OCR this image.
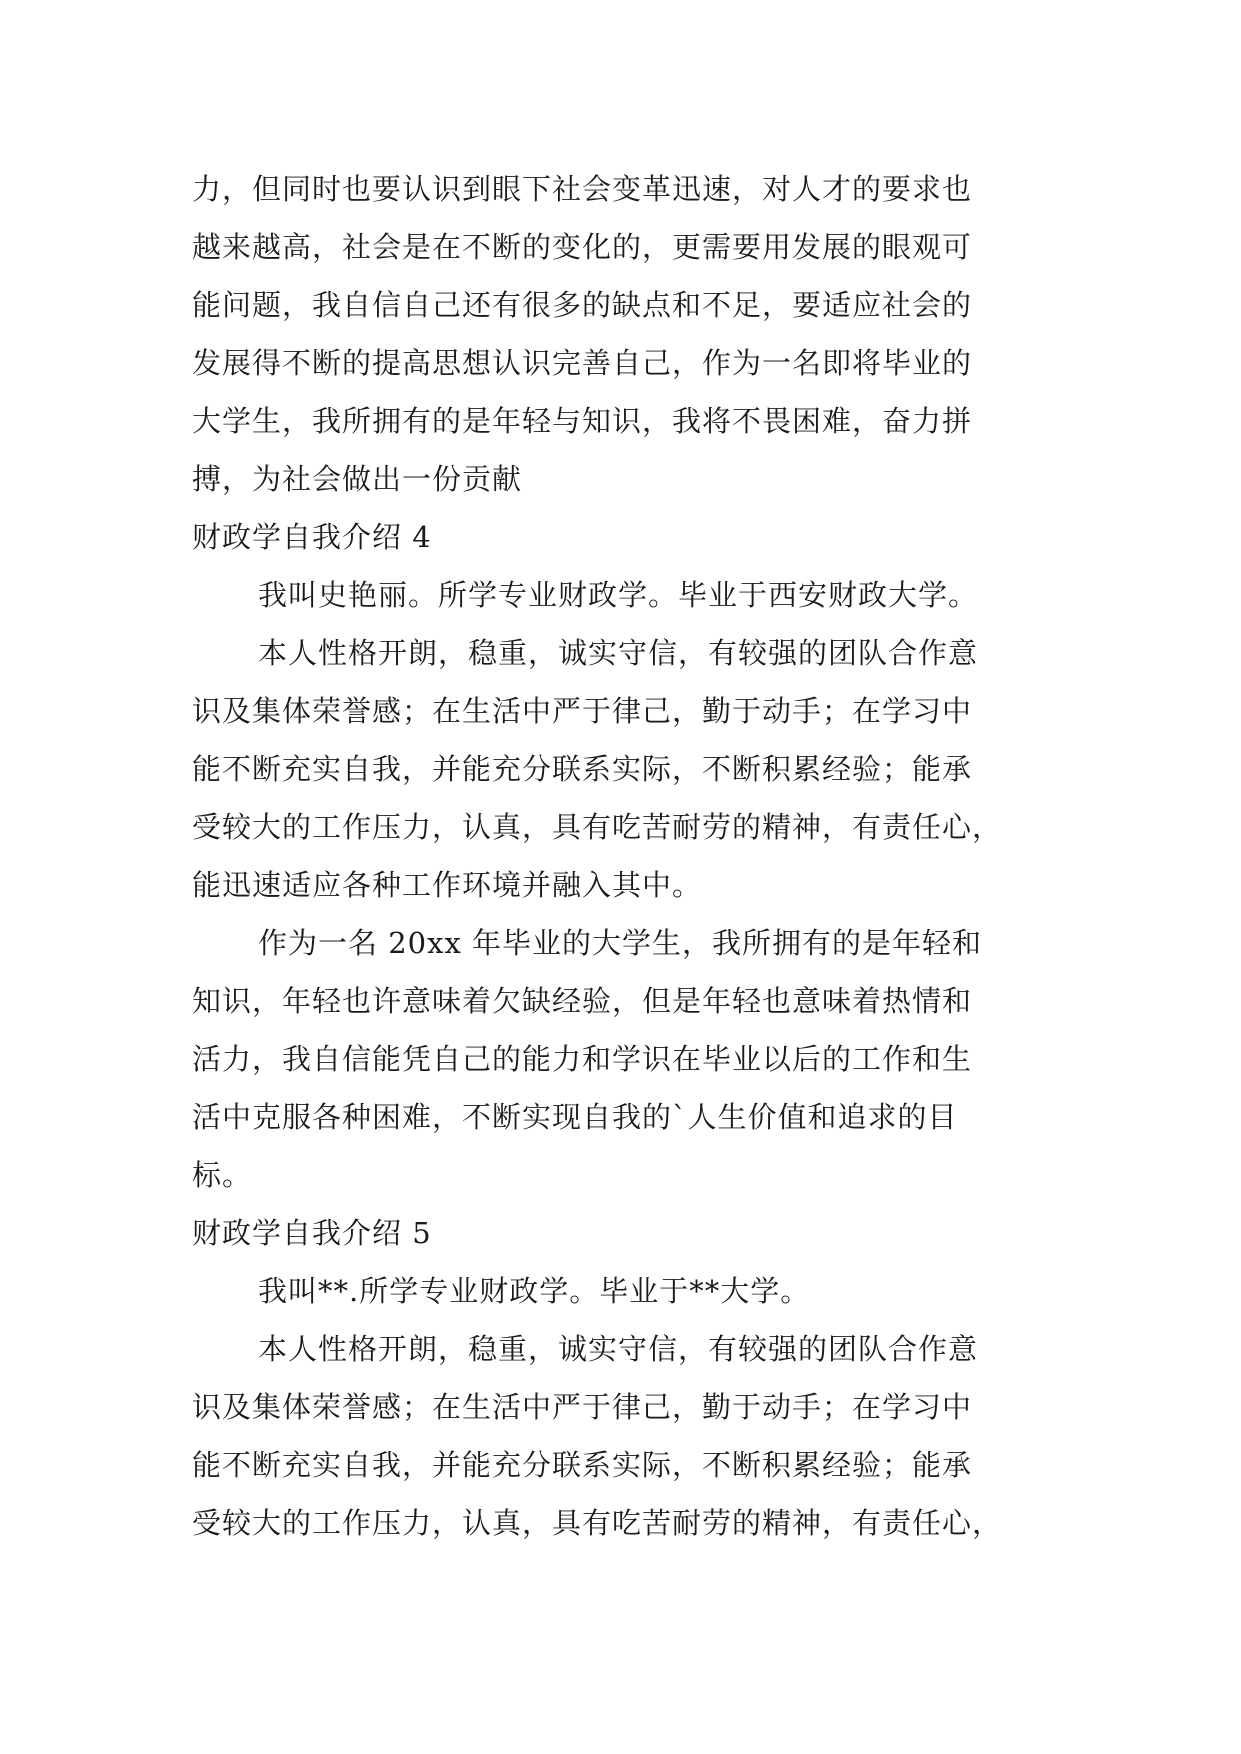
力，但同时也要认识到眼下社会变革迅速，对人才的要求也
越来越高，社会是在不断的变化的，更需要用发展的眼观可
能问题，我自信自己还有很多的缺点和不足，要适应社会的
发展得不断的提高思想认识完善自己，作为一名即将毕业的
大学生，我所拥有的是年轻与知识，我将不畏困难，奋力拼
搏，为社会做出一份贡献
财政学自我介绍 4
我叫史艳丽。所学专业财政学。毕业于西安财政大学。
本人性格开朗，稳重，诚实守信，有较强的团队合作意
识及集体荣誉感；在生活中严于律己，勤于动手；在学习中
能不断充实自我，并能充分联系实际，不断积累经验；能承
受较大的工作压力，认真，具有吃苦耐劳的精神，有责任心，
能迅速适应各种工作环境并融入其中。
作为一名 20xx 年毕业的大学生，我所拥有的是年轻和
知识，年轻也许意味着欠缺经验，但是年轻也意味着热情和
活力，我自信能凭自己的能力和学识在毕业以后的工作和生
活中克服各种困难，不断实现自我的`人生价值和追求的目
标。
财政学自我介绍 5
我叫**.所学专业财政学。毕业于**大学。
本人性格开朗，稳重，诚实守信，有较强的团队合作意
识及集体荣誉感；在生活中严于律己，勤于动手；在学习中
能不断充实自我，并能充分联系实际，不断积累经验；能承
受较大的工作压力，认真，具有吃苦耐劳的精神，有责任心，
